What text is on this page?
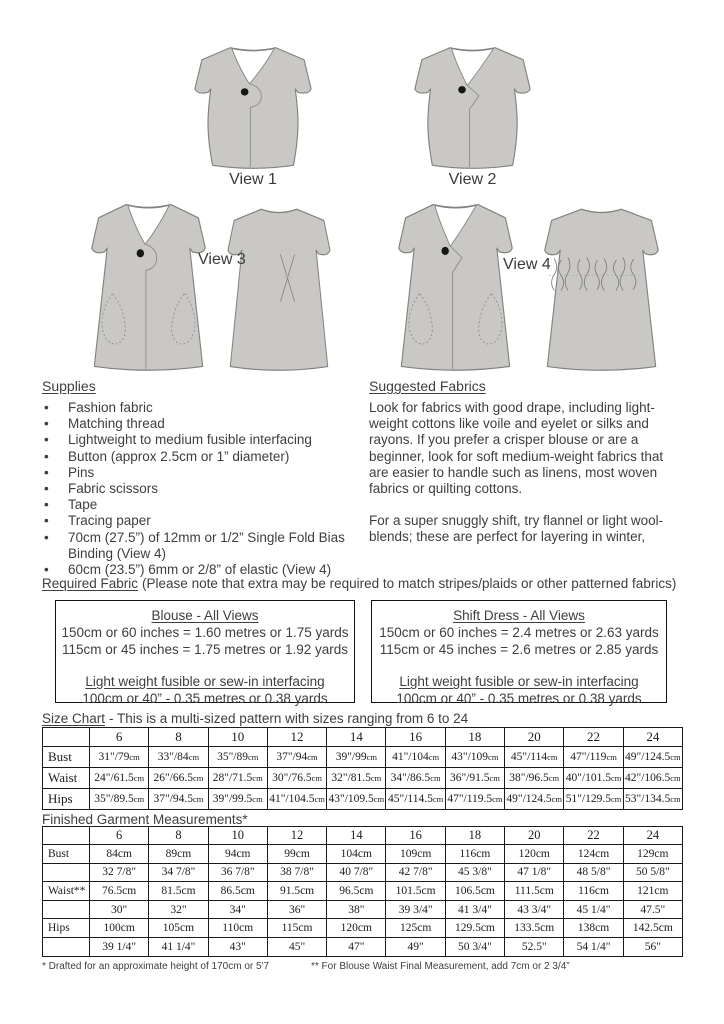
View 1	View 2
View 3	View 4
Supplies
•	Fashion fabric
•	Matching thread
•	Lightweight to medium fusible interfacing
•	Button (approx 2.5cm or 1” diameter)
•	Pins
•	Fabric scissors
•	Tape
•	Tracing paper
•	70cm (27.5”) of 12mm or 1/2” Single Fold Bias Binding (View 4)
•	60cm (23.5”) 6mm or 2/8” of elastic (View 4)
Suggested Fabrics
Look for fabrics with good drape, including light-
weight cottons like voile and eyelet or silks and
rayons. If you prefer a crisper blouse or are a
beginner, look for soft medium-weight fabrics that
are easier to handle such as linens, most woven
fabrics or quilting cottons.
For a super snuggly shift, try flannel or light wool-
blends; these are perfect for layering in winter,
Required Fabric (Please note that extra may be required to match stripes/plaids or other patterned fabrics)
Blouse - All Views
150cm or 60 inches = 1.60 metres or 1.75 yards
115cm or 45 inches = 1.75 metres or 1.92 yards
Light weight fusible or sew-in interfacing
100cm or 40” - 0.35 metres or 0.38 yards
Shift Dress - All Views
150cm or 60 inches = 2.4 metres or 2.63 yards
115cm or 45 inches = 2.6 metres or 2.85 yards
Light weight fusible or sew-in interfacing
100cm or 40” - 0.35 metres or 0.38 yards
Size Chart - This is a multi-sized pattern with sizes ranging from 6 to 24
	6	8	10	12	14	16	18	20	22	24
Bust	31"/79cm	33"/84cm	35"/89cm	37"/94cm	39"/99cm	41"/104cm	43"/109cm	45"/114cm	47"/119cm	49"/124.5cm
Waist	24"/61.5cm	26"/66.5cm	28"/71.5cm	30"/76.5cm	32"/81.5cm	34"/86.5cm	36"/91.5cm	38"/96.5cm	40"/101.5cm	42"/106.5cm
Hips	35"/89.5cm	37"/94.5cm	39"/99.5cm	41"/104.5cm	43"/109.5cm	45"/114.5cm	47"/119.5cm	49"/124.5cm	51"/129.5cm	53"/134.5cm
Finished Garment Measurements*
	6	8	10	12	14	16	18	20	22	24
Bust	84cm	89cm	94cm	99cm	104cm	109cm	116cm	120cm	124cm	129cm
	32 7/8"	34 7/8"	36 7/8"	38 7/8"	40 7/8"	42 7/8"	45 3/8"	47 1/8"	48 5/8"	50 5/8"
Waist**	76.5cm	81.5cm	86.5cm	91.5cm	96.5cm	101.5cm	106.5cm	111.5cm	116cm	121cm
	30"	32"	34"	36"	38"	39 3/4"	41 3/4"	43 3/4"	45 1/4"	47.5"
Hips	100cm	105cm	110cm	115cm	120cm	125cm	129.5cm	133.5cm	138cm	142.5cm
	39 1/4"	41 1/4"	43"	45"	47"	49"	50 3/4"	52.5"	54 1/4"	56"
* Drafted for an approximate height of 170cm or 5'7	** For Blouse Waist Final Measurement, add 7cm or 2 3/4”
